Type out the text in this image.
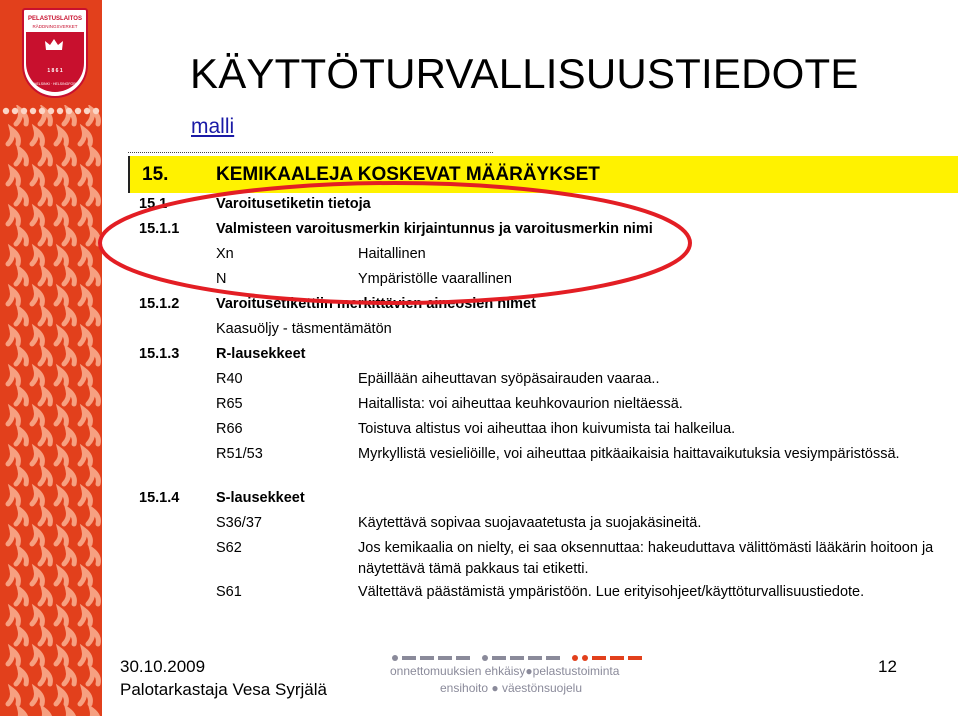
PELASTUSLAITOS
RÄDDNINGSVERKET
1 8 6 1
HELSINKI · HELSINGFORS	KÄYTTÖTURVALLISUUSTIEDOTE
malli
15.	KEMIKAALEJA KOSKEVAT MÄÄRÄYKSET
15.1	Varoitusetiketin tietoja
15.1.1	Valmisteen varoitusmerkin kirjaintunnus ja varoitusmerkin nimi
Xn	Haitallinen
N	Ympäristölle vaarallinen
15.1.2	Varoitusetikettiin merkittävien aineosien nimet
Kaasuöljy - täsmentämätön
15.1.3	R-lausekkeet
R40	Epäillään aiheuttavan syöpäsairauden vaaraa..
R65	Haitallista: voi aiheuttaa keuhkovaurion nieltäessä.
R66	Toistuva altistus voi aiheuttaa ihon kuivumista tai halkeilua.
R51/53	Myrkyllistä vesieliöille, voi aiheuttaa pitkäaikaisia haittavaikutuksia vesiympäristössä.
15.1.4	S-lausekkeet
S36/37	Käytettävä sopivaa suojavaatetusta ja suojakäsineitä.
S62	Jos kemikaalia on nielty, ei saa oksennuttaa: hakeuduttava välittömästi lääkärin hoitoon ja näytettävä tämä pakkaus tai etiketti.
S61	Vältettävä päästämistä ympäristöön. Lue erityisohjeet/käyttöturvallisuustiedote.
30.10.2009
Palotarkastaja Vesa Syrjälä
onnettomuuksien ehkäisy●pelastustoiminta
ensihoito ● väestönsuojelu
12
